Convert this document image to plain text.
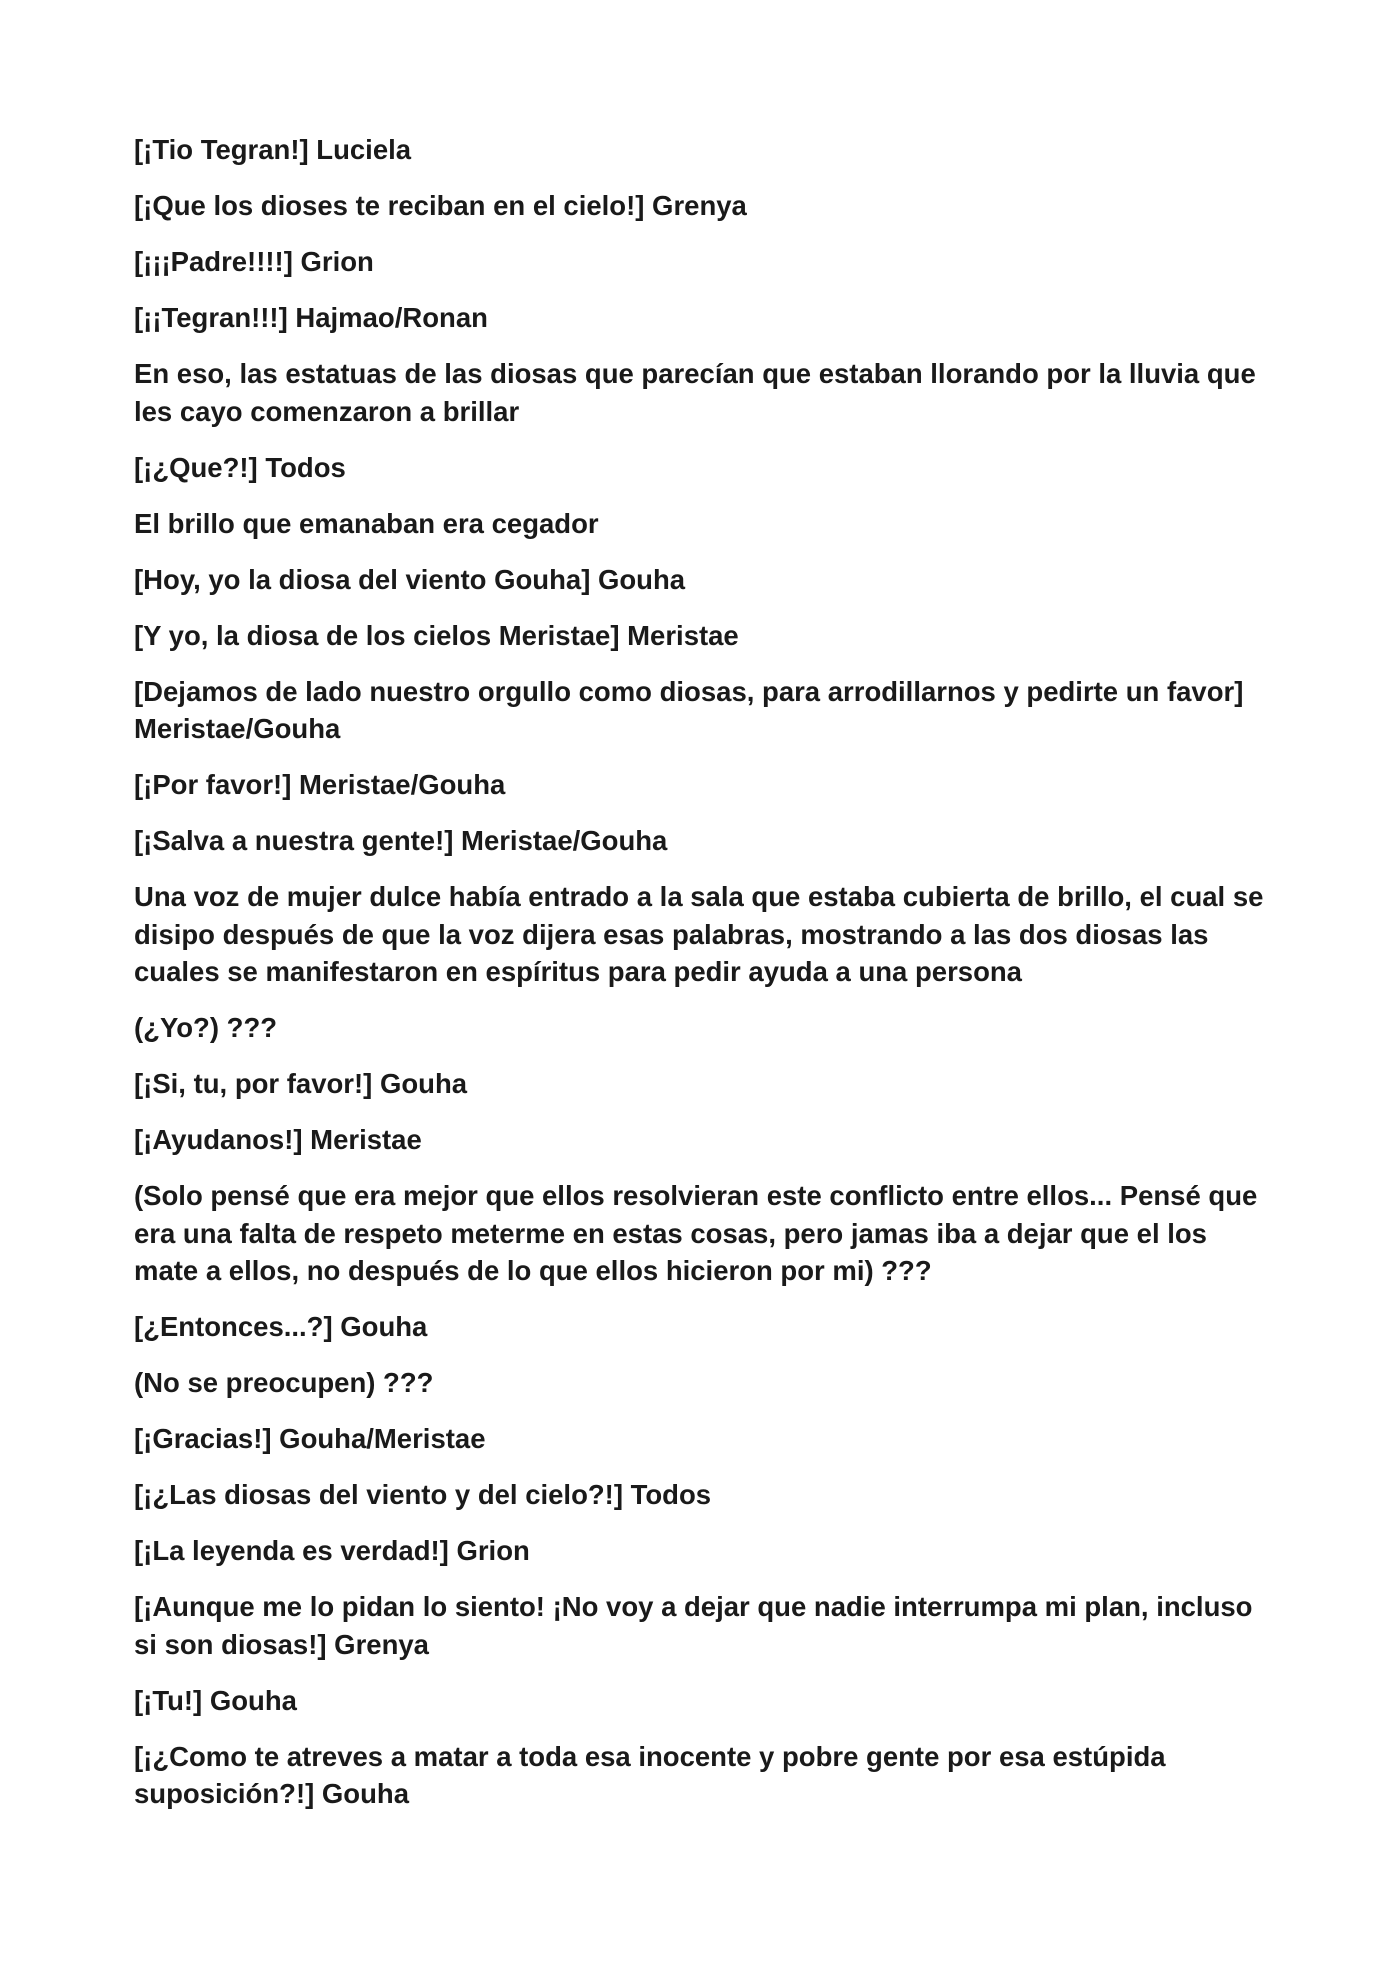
[¡Tio Tegran!] Luciela

[¡Que los dioses te reciban en el cielo!] Grenya

[¡¡¡Padre!!!!] Grion

[¡¡Tegran!!!] Hajmao/Ronan

En eso, las estatuas de las diosas que parecían que estaban llorando por la lluvia que les cayo comenzaron a brillar

[¡¿Que?!] Todos

El brillo que emanaban era cegador

[Hoy, yo la diosa del viento Gouha] Gouha

[Y yo, la diosa de los cielos Meristae] Meristae

[Dejamos de lado nuestro orgullo como diosas, para arrodillarnos y pedirte un favor] Meristae/Gouha

[¡Por favor!] Meristae/Gouha

[¡Salva a nuestra gente!] Meristae/Gouha

Una voz de mujer dulce había entrado a la sala que estaba cubierta de brillo, el cual se disipo después de que la voz dijera esas palabras, mostrando a las dos diosas las cuales se manifestaron en espíritus para pedir ayuda a una persona

(¿Yo?) ???

[¡Si, tu, por favor!] Gouha

[¡Ayudanos!] Meristae

(Solo pensé que era mejor que ellos resolvieran este conflicto entre ellos... Pensé que era una falta de respeto meterme en estas cosas, pero jamas iba a dejar que el los mate a ellos, no después de lo que ellos hicieron por mi) ???

[¿Entonces...?] Gouha

(No se preocupen) ???

[¡Gracias!] Gouha/Meristae

[¡¿Las diosas del viento y del cielo?!] Todos

[¡La leyenda es verdad!] Grion

[¡Aunque me lo pidan lo siento! ¡No voy a dejar que nadie interrumpa mi plan, incluso si son diosas!] Grenya

[¡Tu!] Gouha

[¡¿Como te atreves a matar a toda esa inocente y pobre gente por esa estúpida suposición?!] Gouha
